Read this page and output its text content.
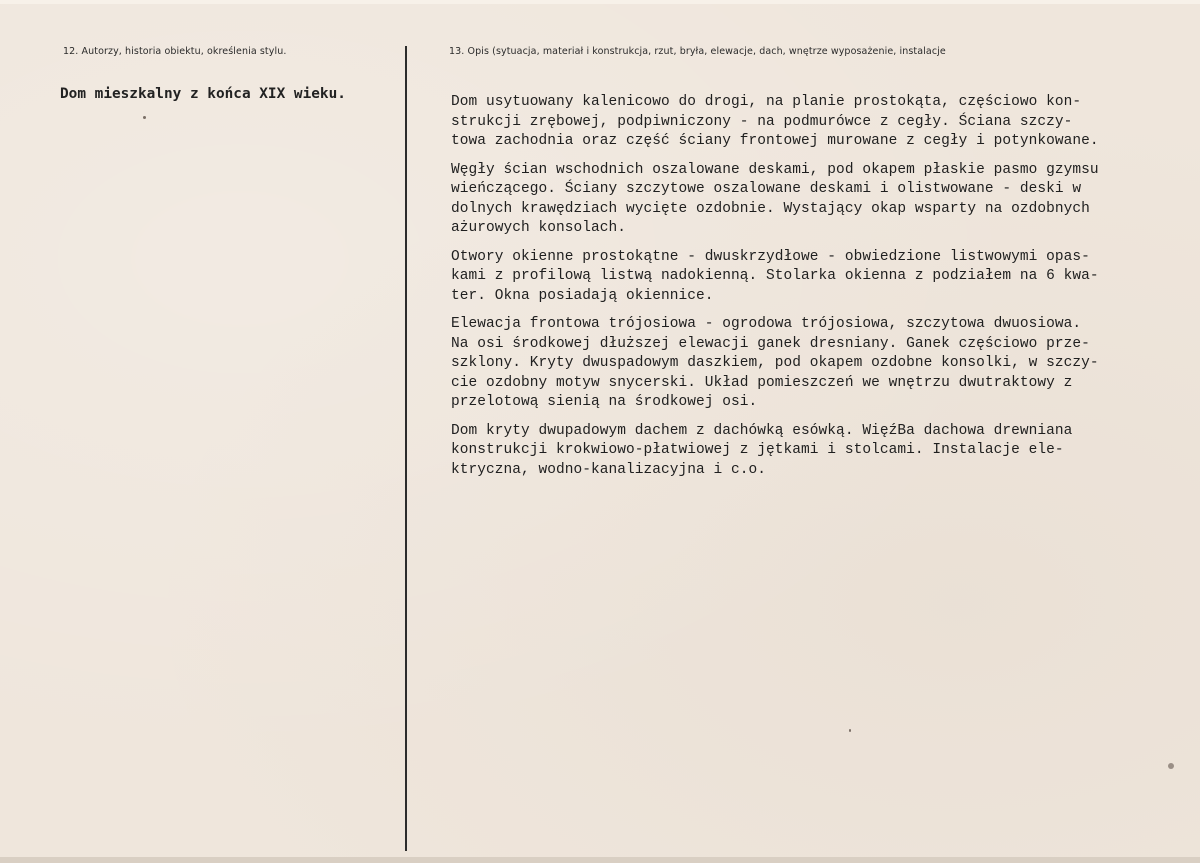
12. Autorzy, historia obiektu, określenia stylu.	13. Opis (sytuacja, materiał i konstrukcja, rzut, bryła, elewacje, dach, wnętrze wyposażenie, instalacje
Dom mieszkalny z końca XIX wieku.	Dom usytuowany kalenicowo do drogi, na planie prostokąta, częściowo kon-
strukcji zrębowej, podpiwniczony - na podmurówce z cegły. Ściana szczy-
towa zachodnia oraz część ściany frontowej murowane z cegły i potynkowane.

Węgły ścian wschodnich oszalowane deskami, pod okapem płaskie pasmo gzymsu
wieńczącego. Ściany szczytowe oszalowane deskami i olistwowane - deski w
dolnych krawędziach wycięte ozdobnie. Wystający okap wsparty na ozdobnych
ażurowych konsolach.

Otwory okienne prostokątne - dwuskrzydłowe - obwiedzione listwowymi opas-
kami z profilową listwą nadokienną. Stolarka okienna z podziałem na 6 kwa-
ter. Okna posiadają okiennice.

Elewacja frontowa trójosiowa - ogrodowa trójosiowa, szczytowa dwuosiowa.
Na osi środkowej dłuższej elewacji ganek dresniany. Ganek częściowo prze-
szklony. Kryty dwuspadowym daszkiem, pod okapem ozdobne konsolki, w szczy-
cie ozdobny motyw snycerski. Układ pomieszczeń we wnętrzu dwutraktowy z
przelotową sienią na środkowej osi.

Dom kryty dwupadowym dachem z dachówką esówką. WięźBa dachowa drewniana
konstrukcji krokwiowo-płatwiowej z jętkami i stolcami. Instalacje ele-
ktryczna, wodno-kanalizacyjna i c.o.
